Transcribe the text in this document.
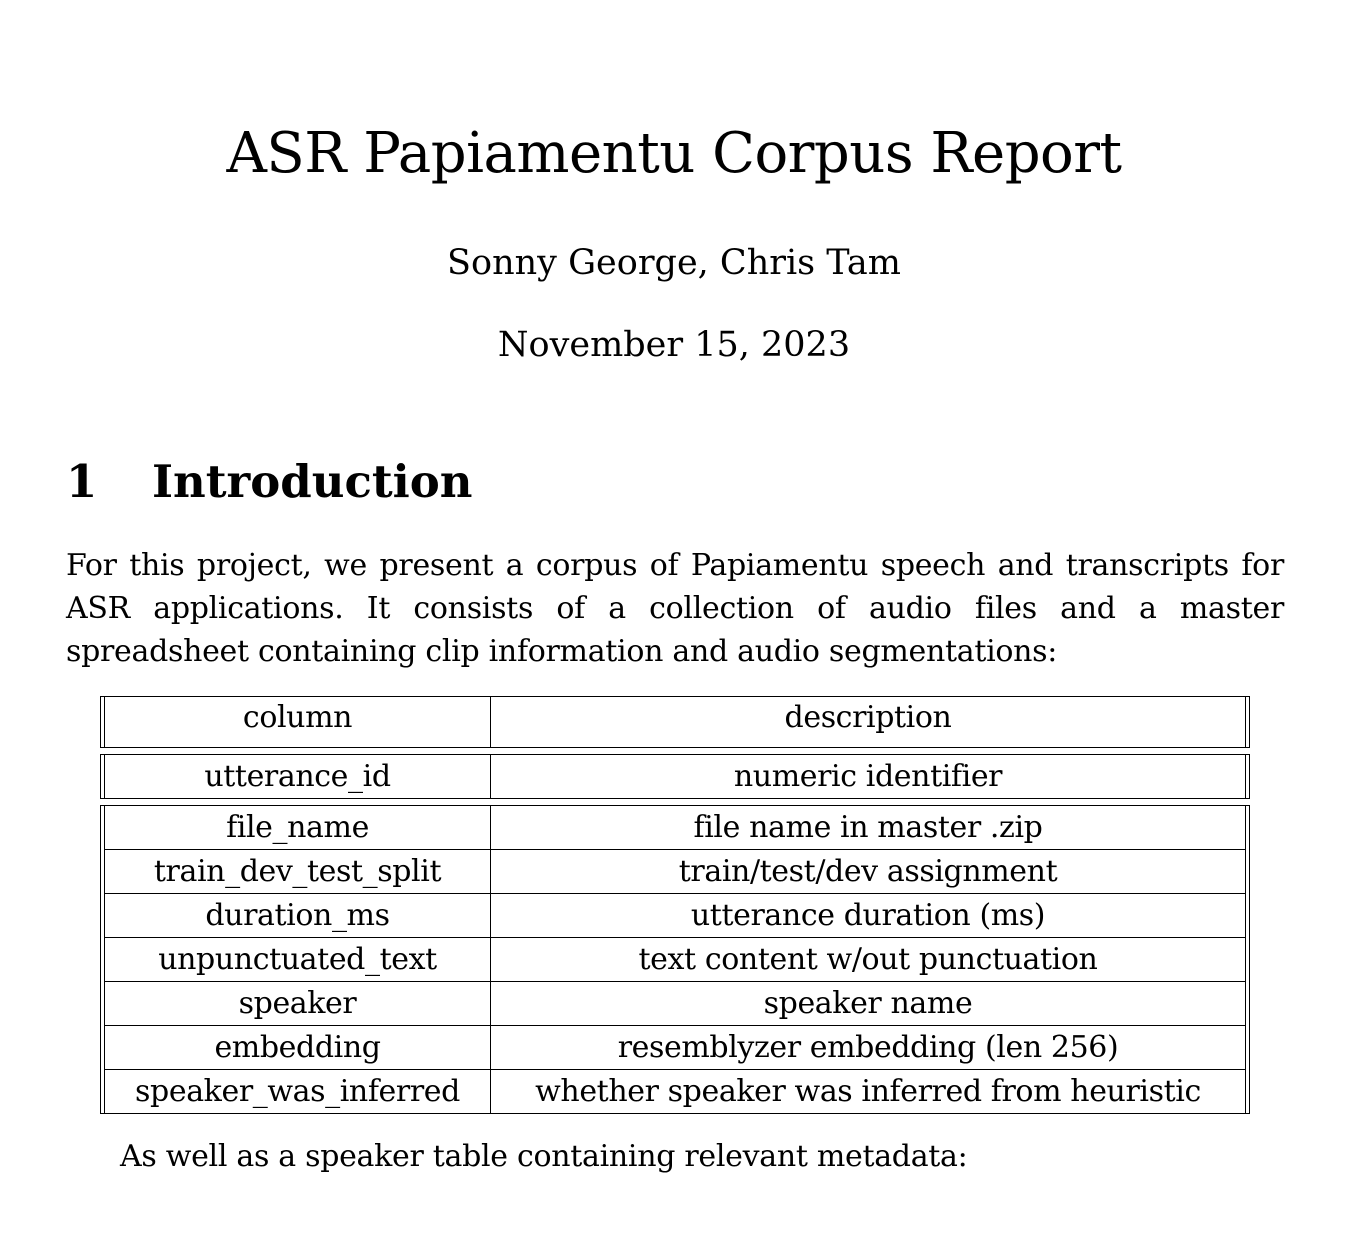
ASR Papiamentu Corpus Report
Sonny George, Chris Tam
November 15, 2023
1 Introduction
For this project, we present a corpus of Papiamentu speech and transcripts for ASR applications. It consists of a collection of audio files and a master spreadsheet containing clip information and audio segmentations:
column	description
utterance_id	numeric identifier
file_name	file name in master .zip
train_dev_test_split	train/test/dev assignment
duration_ms	utterance duration (ms)
unpunctuated_text	text content w/out punctuation
speaker	speaker name
embedding	resemblyzer embedding (len 256)
speaker_was_inferred	whether speaker was inferred from heuristic
As well as a speaker table containing relevant metadata:
